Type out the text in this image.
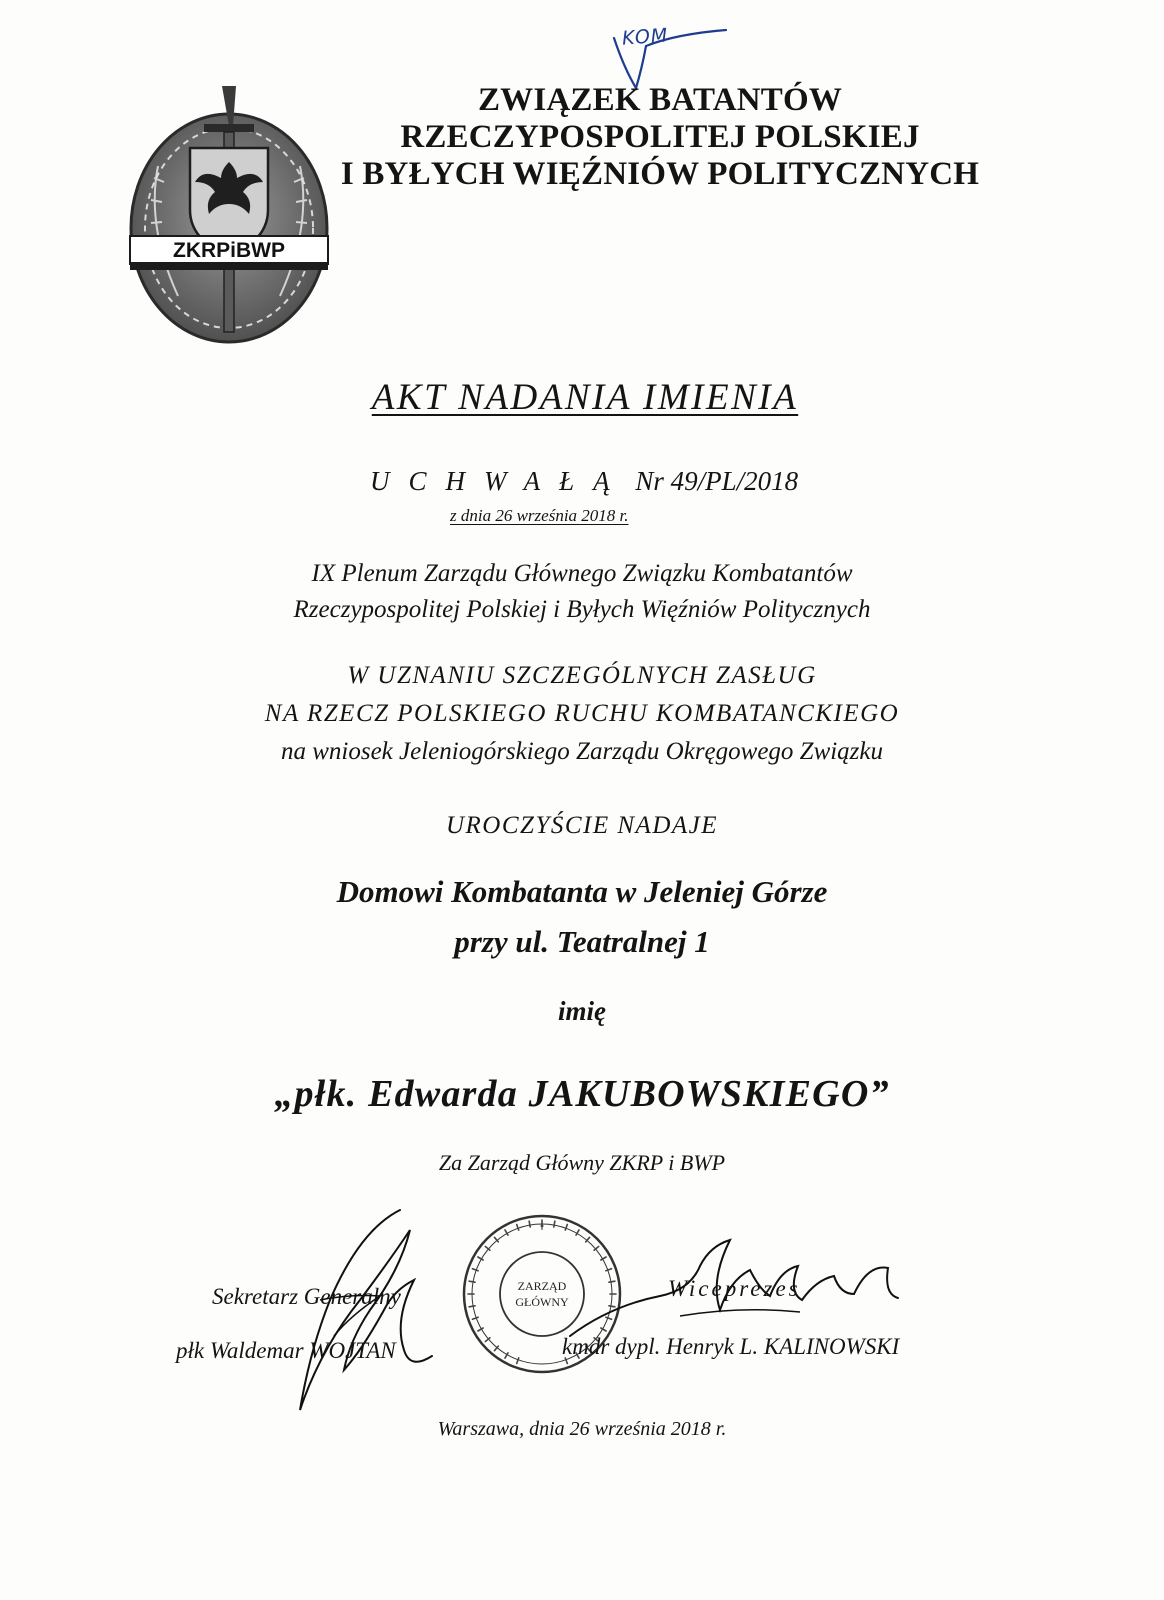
ZKRPiBWP
KOM
ZWIĄZEK BATANTÓW
RZECZYPOSPOLITEJ POLSKIEJ
I BYŁYCH WIĘŹNIÓW POLITYCZNYCH
AKT NADANIA IMIENIA
UCHWAŁĄ Nr 49/PL/2018
z dnia 26 września 2018 r.
IX Plenum Zarządu Głównego Związku Kombatantów
Rzeczypospolitej Polskiej i Byłych Więźniów Politycznych
W UZNANIU SZCZEGÓLNYCH ZASŁUG
NA RZECZ POLSKIEGO RUCHU KOMBATANCKIEGO
na wniosek Jeleniogórskiego Zarządu Okręgowego Związku
UROCZYŚCIE NADAJE
Domowi Kombatanta w Jeleniej Górze
przy ul. Teatralnej 1
imię
„płk. Edwarda JAKUBOWSKIEGO”
Za Zarząd Główny ZKRP i BWP
ZARZĄD
GŁÓWNY
Sekretarz Generalny
płk Waldemar WOJTAN
Wiceprezes
kmdr dypl. Henryk L. KALINOWSKI
Warszawa, dnia 26 września 2018 r.
